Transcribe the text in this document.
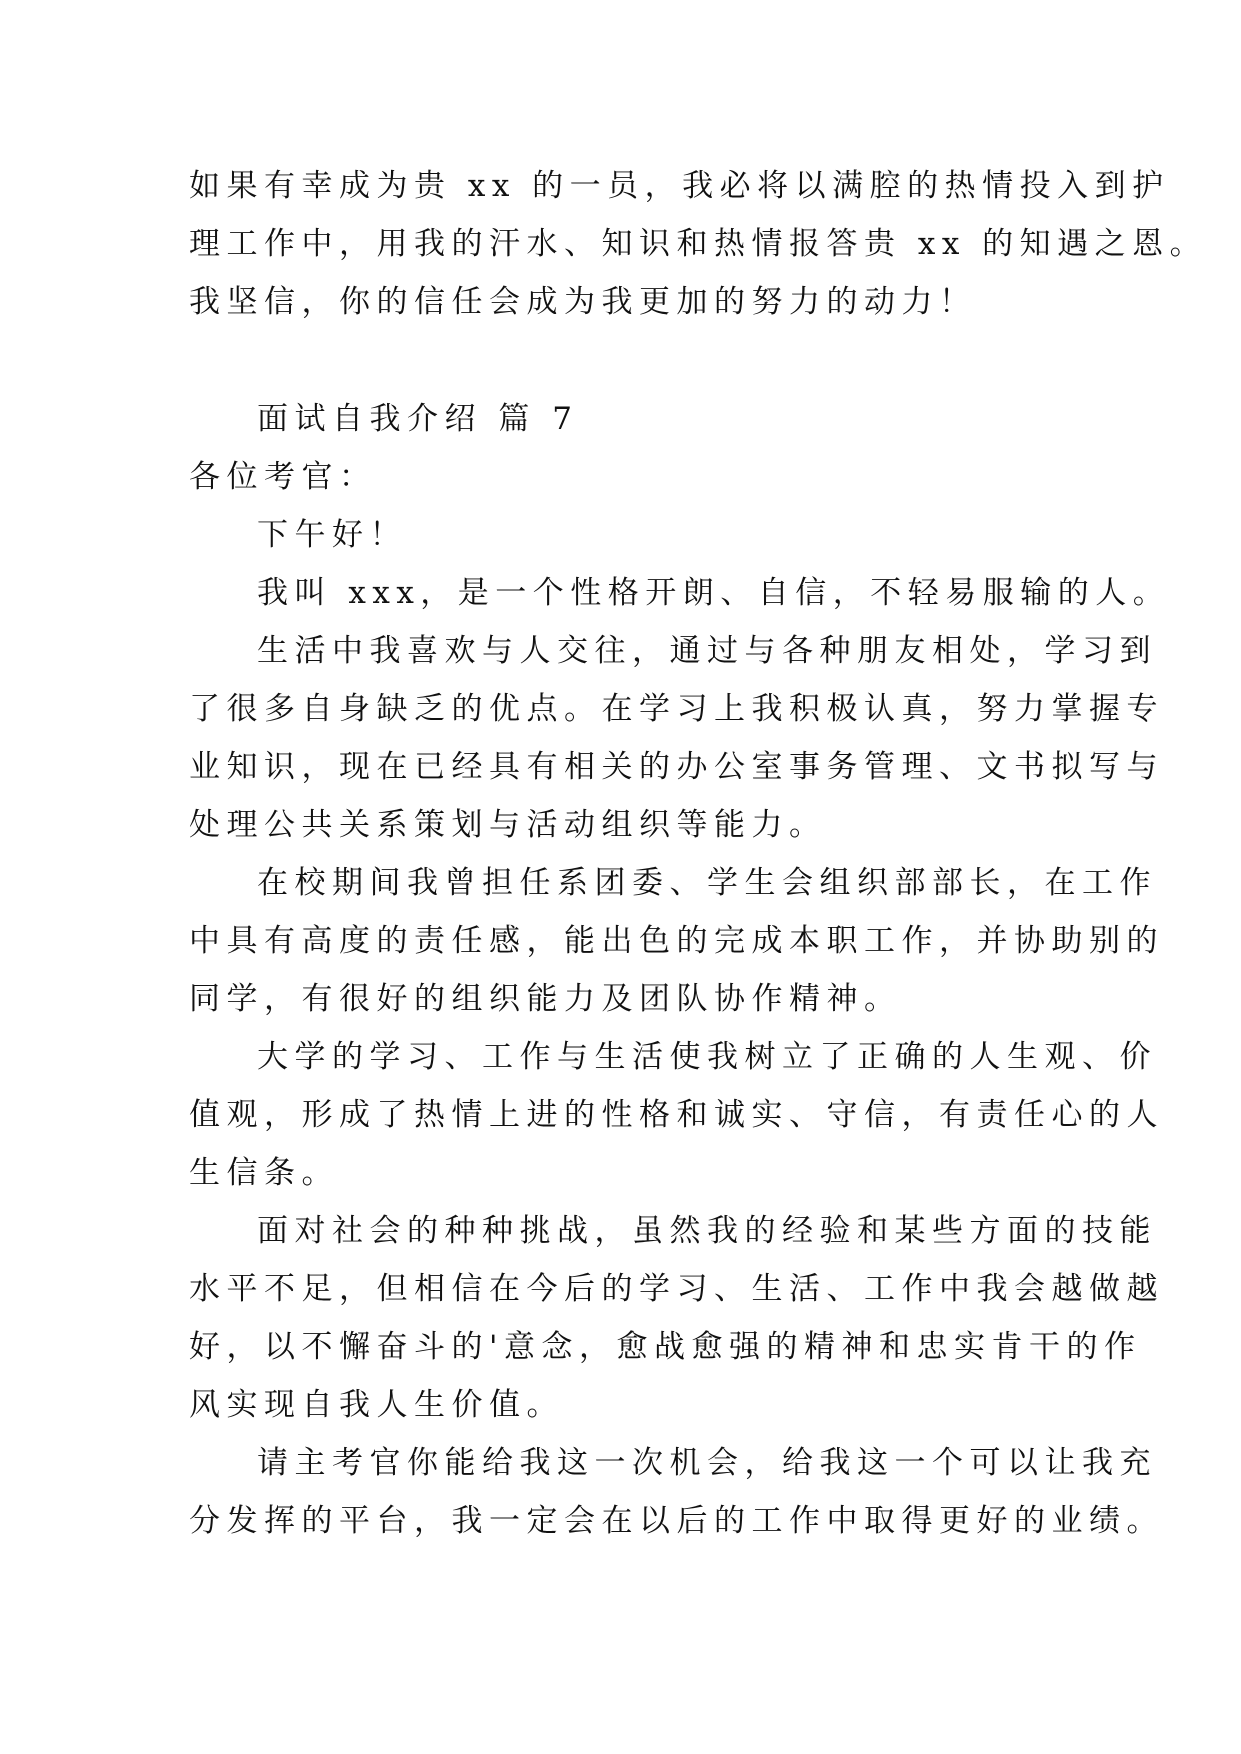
如果有幸成为贵 xx 的一员，我必将以满腔的热情投入到护
理工作中，用我的汗水、知识和热情报答贵 xx 的知遇之恩。
我坚信，你的信任会成为我更加的努力的动力！
面试自我介绍 篇 7
各位考官：
下午好！
我叫 xxx，是一个性格开朗、自信，不轻易服输的人。
生活中我喜欢与人交往，通过与各种朋友相处，学习到
了很多自身缺乏的优点。在学习上我积极认真，努力掌握专
业知识，现在已经具有相关的办公室事务管理、文书拟写与
处理公共关系策划与活动组织等能力。
在校期间我曾担任系团委、学生会组织部部长，在工作
中具有高度的责任感，能出色的完成本职工作，并协助别的
同学，有很好的组织能力及团队协作精神。
大学的学习、工作与生活使我树立了正确的人生观、价
值观，形成了热情上进的性格和诚实、守信，有责任心的人
生信条。
面对社会的种种挑战，虽然我的经验和某些方面的技能
水平不足，但相信在今后的学习、生活、工作中我会越做越
好，以不懈奋斗的'意念，愈战愈强的精神和忠实肯干的作
风实现自我人生价值。
请主考官你能给我这一次机会，给我这一个可以让我充
分发挥的平台，我一定会在以后的工作中取得更好的业绩。
